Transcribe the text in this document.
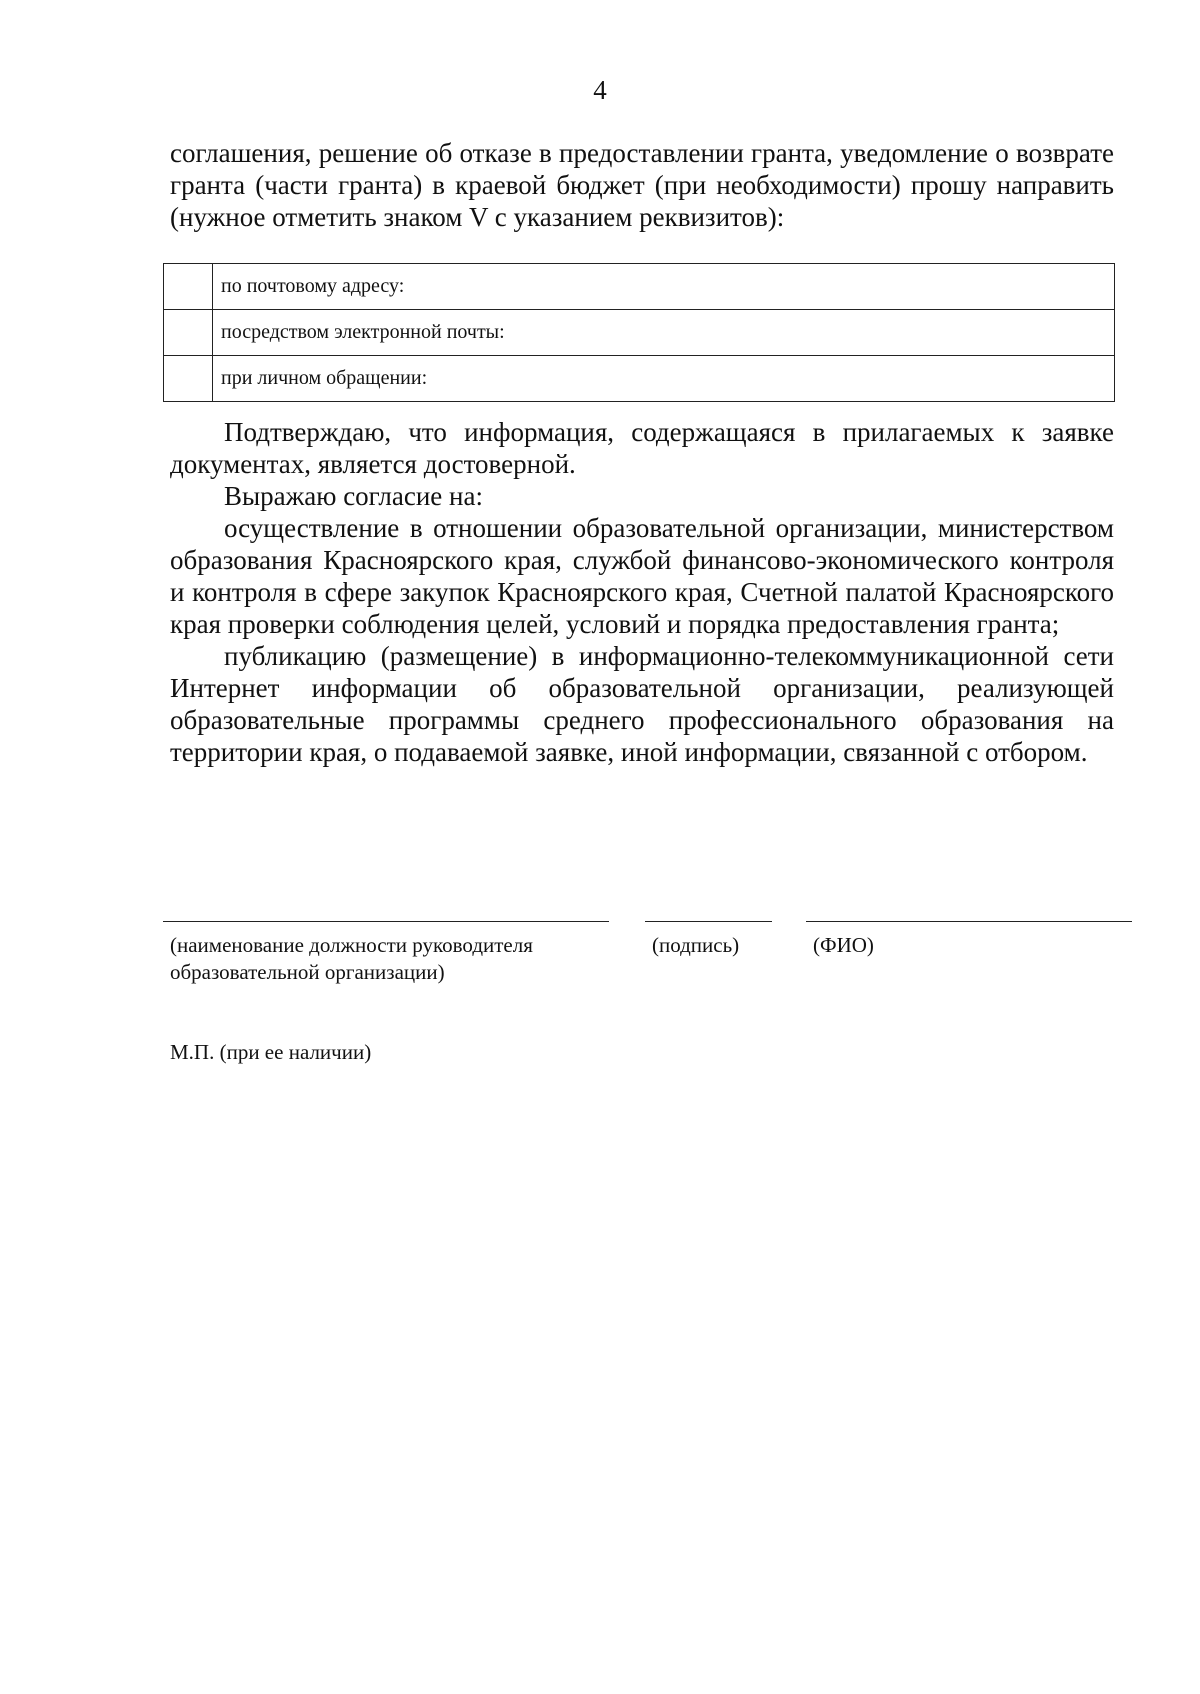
4

соглашения, решение об отказе в предоставлении гранта, уведомление о возврате гранта (части гранта) в краевой бюджет (при необходимости) прошу направить (нужное отметить знаком V с указанием реквизитов):

	по почтовому адресу:
	посредством электронной почты:
	при личном обращении:

Подтверждаю, что информация, содержащаяся в прилагаемых к заявке документах, является достоверной.

Выражаю согласие на:

осуществление в отношении образовательной организации, министерством образования Красноярского края, службой финансово-экономического контроля и контроля в сфере закупок Красноярского края, Счетной палатой Красноярского края проверки соблюдения целей, условий и порядка предоставления гранта;

публикацию (размещение) в информационно-телекоммуникационной сети Интернет информации об образовательной организации, реализующей образовательные программы среднего профессионального образования на территории края, о подаваемой заявке, иной информации, связанной с отбором.

(наименование должности руководителя образовательной организации)
(подпись)	(ФИО)
М.П. (при ее наличии)
